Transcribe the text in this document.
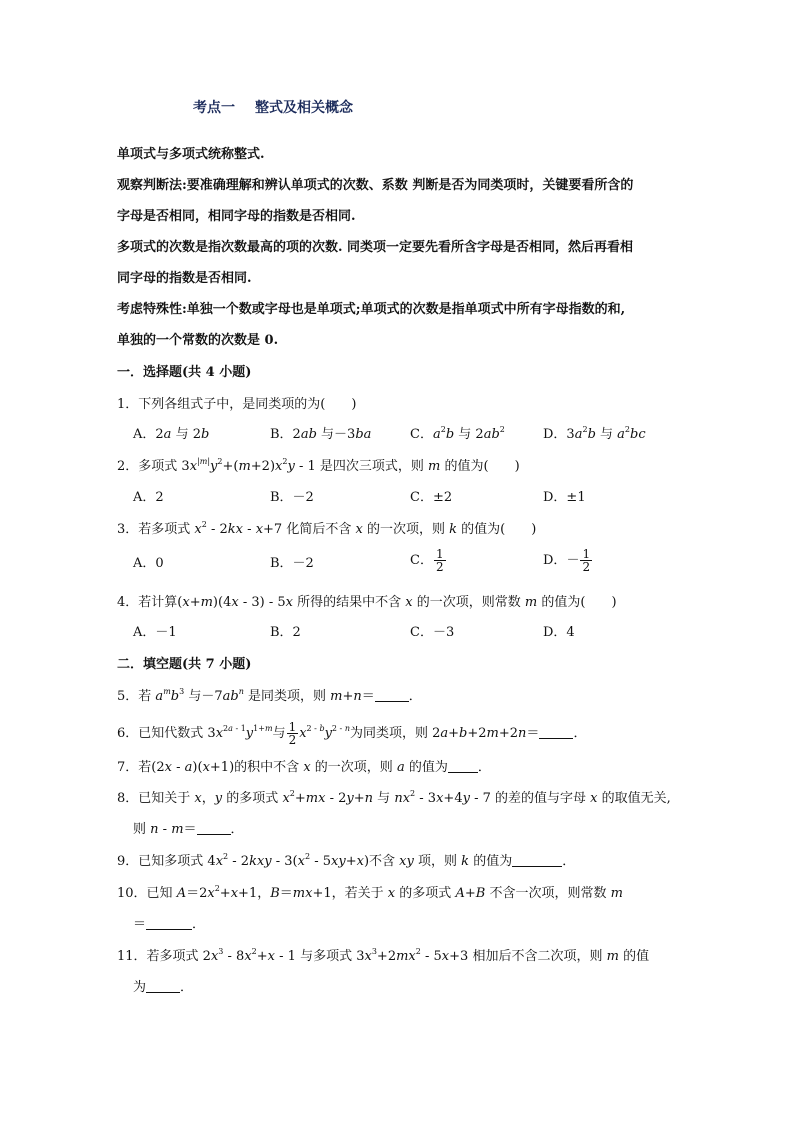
考点一 整式及相关概念
单项式与多项式统称整式.
观察判断法:要准确理解和辨认单项式的次数、系数 判断是否为同类项时，关键要看所含的
字母是否相同，相同字母的指数是否相同.
多项式的次数是指次数最高的项的次数. 同类项一定要先看所含字母是否相同，然后再看相
同字母的指数是否相同.
考虑特殊性:单独一个数或字母也是单项式;单项式的次数是指单项式中所有字母指数的和,
单独的一个常数的次数是 0.
一．选择题(共 4 小题)
1．下列各组式子中，是同类项的为(　　)
A．2a 与 2b	B．2ab 与－3ba	C．$a^2b$ 与 $2ab^2$	D．$3a^2b$ 与 $a^2bc$
2．多项式 $3x^{|m|}y^2+(m+2)x^2y - 1$ 是四次三项式，则 m 的值为(　　)
A．2	B．－2	C．±2	D．±1
3．若多项式 $x^2 - 2kx - x+7$ 化简后不含 x 的一次项，则 k 的值为(　　)
A．0	B．－2	C． $\frac{1}{2}$	D．－ $\frac{1}{2}$
4．若计算(x+m)(4x - 3) - 5x 所得的结果中不含 x 的一次项，则常数 m 的值为(　　)
A．－1	B．2	C．－3	D．4
二．填空题(共 7 小题)
5．若 $a^mb^3$ 与$-7ab^n$ 是同类项，则 m+n＝	．
6．已知代数式 $3x^{2a - 1}y^{1+m}$与 $\frac{1}{2} x^{2 - b}y^{2 - n}$为同类项，则 2a+b+2m+2n＝	．
7．若(2x - a)(x+1)的积中不含 x 的一次项，则 a 的值为 ．
8．已知关于 x，y 的多项式 $x^2+mx - 2y+n$ 与 $nx^2 - 3x+4y - 7$ 的差的值与字母 x 的取值无关,
则 n - m＝	．
9．已知多项式 $4x^2 - 2kxy - 3(x^2 - 5xy+x)$不含 xy 项，则 k 的值为	．
10．已知 $A=2x^2+x+1$，B＝mx+1，若关于 x 的多项式 A+B 不含一次项，则常数 m
＝	．
11．若多项式 $2x^3 - 8x^2+x - 1$ 与多项式 $3x^3+2mx^2 - 5x+3$ 相加后不含二次项，则 m 的值
为	．
